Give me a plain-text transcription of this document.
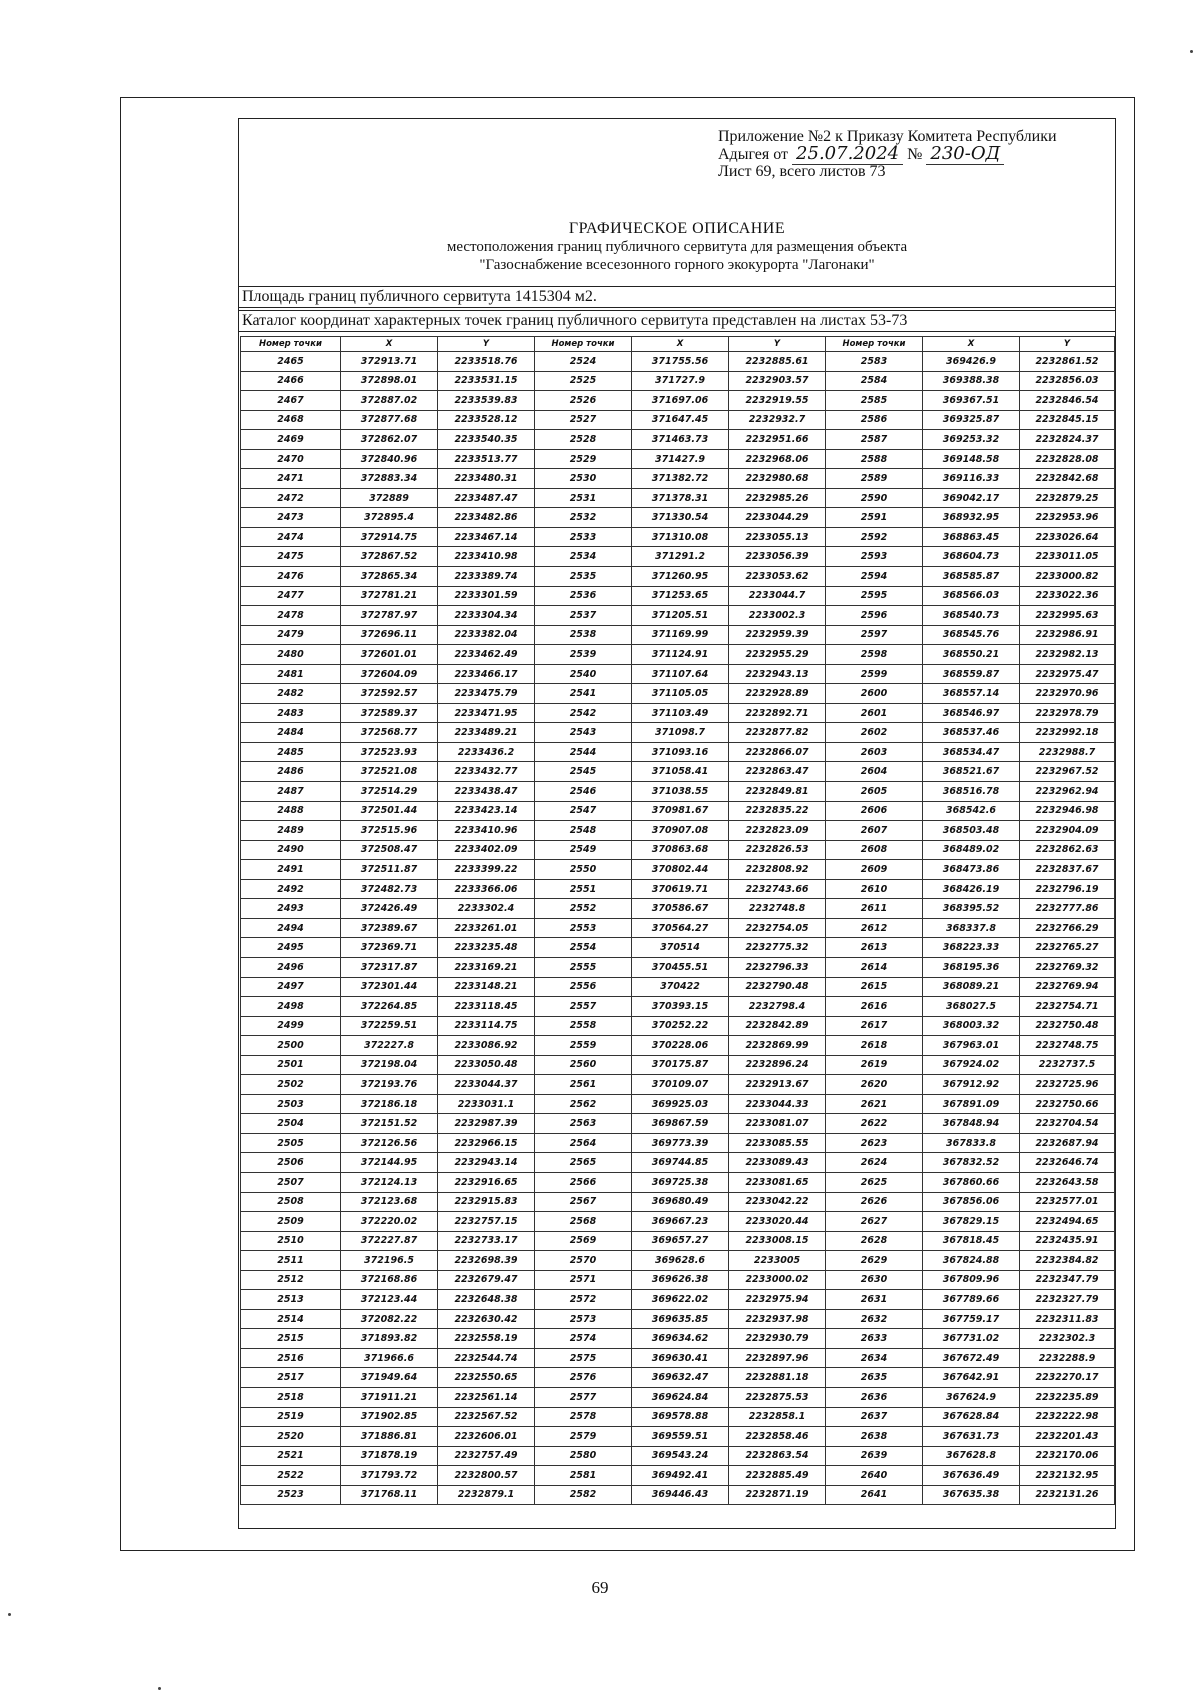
Приложение №2 к Приказу Комитета Республики
Адыгея от 25.07.2024 № 230-ОД
Лист 69, всего листов 73
ГРАФИЧЕСКОЕ ОПИСАНИЕ
местоположения границ публичного сервитута для размещения объекта
"Газоснабжение всесезонного горного экокурорта "Лагонаки"
Площадь границ публичного сервитута 1415304 м2.
Каталог координат характерных точек границ публичного сервитута представлен на листах 53-73
Номер точки	X	Y	Номер точки	X	Y	Номер точки	X	Y
2465	372913.71	2233518.76	2524	371755.56	2232885.61	2583	369426.9	2232861.52
2466	372898.01	2233531.15	2525	371727.9	2232903.57	2584	369388.38	2232856.03
2467	372887.02	2233539.83	2526	371697.06	2232919.55	2585	369367.51	2232846.54
2468	372877.68	2233528.12	2527	371647.45	2232932.7	2586	369325.87	2232845.15
2469	372862.07	2233540.35	2528	371463.73	2232951.66	2587	369253.32	2232824.37
2470	372840.96	2233513.77	2529	371427.9	2232968.06	2588	369148.58	2232828.08
2471	372883.34	2233480.31	2530	371382.72	2232980.68	2589	369116.33	2232842.68
2472	372889	2233487.47	2531	371378.31	2232985.26	2590	369042.17	2232879.25
2473	372895.4	2233482.86	2532	371330.54	2233044.29	2591	368932.95	2232953.96
2474	372914.75	2233467.14	2533	371310.08	2233055.13	2592	368863.45	2233026.64
2475	372867.52	2233410.98	2534	371291.2	2233056.39	2593	368604.73	2233011.05
2476	372865.34	2233389.74	2535	371260.95	2233053.62	2594	368585.87	2233000.82
2477	372781.21	2233301.59	2536	371253.65	2233044.7	2595	368566.03	2233022.36
2478	372787.97	2233304.34	2537	371205.51	2233002.3	2596	368540.73	2232995.63
2479	372696.11	2233382.04	2538	371169.99	2232959.39	2597	368545.76	2232986.91
2480	372601.01	2233462.49	2539	371124.91	2232955.29	2598	368550.21	2232982.13
2481	372604.09	2233466.17	2540	371107.64	2232943.13	2599	368559.87	2232975.47
2482	372592.57	2233475.79	2541	371105.05	2232928.89	2600	368557.14	2232970.96
2483	372589.37	2233471.95	2542	371103.49	2232892.71	2601	368546.97	2232978.79
2484	372568.77	2233489.21	2543	371098.7	2232877.82	2602	368537.46	2232992.18
2485	372523.93	2233436.2	2544	371093.16	2232866.07	2603	368534.47	2232988.7
2486	372521.08	2233432.77	2545	371058.41	2232863.47	2604	368521.67	2232967.52
2487	372514.29	2233438.47	2546	371038.55	2232849.81	2605	368516.78	2232962.94
2488	372501.44	2233423.14	2547	370981.67	2232835.22	2606	368542.6	2232946.98
2489	372515.96	2233410.96	2548	370907.08	2232823.09	2607	368503.48	2232904.09
2490	372508.47	2233402.09	2549	370863.68	2232826.53	2608	368489.02	2232862.63
2491	372511.87	2233399.22	2550	370802.44	2232808.92	2609	368473.86	2232837.67
2492	372482.73	2233366.06	2551	370619.71	2232743.66	2610	368426.19	2232796.19
2493	372426.49	2233302.4	2552	370586.67	2232748.8	2611	368395.52	2232777.86
2494	372389.67	2233261.01	2553	370564.27	2232754.05	2612	368337.8	2232766.29
2495	372369.71	2233235.48	2554	370514	2232775.32	2613	368223.33	2232765.27
2496	372317.87	2233169.21	2555	370455.51	2232796.33	2614	368195.36	2232769.32
2497	372301.44	2233148.21	2556	370422	2232790.48	2615	368089.21	2232769.94
2498	372264.85	2233118.45	2557	370393.15	2232798.4	2616	368027.5	2232754.71
2499	372259.51	2233114.75	2558	370252.22	2232842.89	2617	368003.32	2232750.48
2500	372227.8	2233086.92	2559	370228.06	2232869.99	2618	367963.01	2232748.75
2501	372198.04	2233050.48	2560	370175.87	2232896.24	2619	367924.02	2232737.5
2502	372193.76	2233044.37	2561	370109.07	2232913.67	2620	367912.92	2232725.96
2503	372186.18	2233031.1	2562	369925.03	2233044.33	2621	367891.09	2232750.66
2504	372151.52	2232987.39	2563	369867.59	2233081.07	2622	367848.94	2232704.54
2505	372126.56	2232966.15	2564	369773.39	2233085.55	2623	367833.8	2232687.94
2506	372144.95	2232943.14	2565	369744.85	2233089.43	2624	367832.52	2232646.74
2507	372124.13	2232916.65	2566	369725.38	2233081.65	2625	367860.66	2232643.58
2508	372123.68	2232915.83	2567	369680.49	2233042.22	2626	367856.06	2232577.01
2509	372220.02	2232757.15	2568	369667.23	2233020.44	2627	367829.15	2232494.65
2510	372227.87	2232733.17	2569	369657.27	2233008.15	2628	367818.45	2232435.91
2511	372196.5	2232698.39	2570	369628.6	2233005	2629	367824.88	2232384.82
2512	372168.86	2232679.47	2571	369626.38	2233000.02	2630	367809.96	2232347.79
2513	372123.44	2232648.38	2572	369622.02	2232975.94	2631	367789.66	2232327.79
2514	372082.22	2232630.42	2573	369635.85	2232937.98	2632	367759.17	2232311.83
2515	371893.82	2232558.19	2574	369634.62	2232930.79	2633	367731.02	2232302.3
2516	371966.6	2232544.74	2575	369630.41	2232897.96	2634	367672.49	2232288.9
2517	371949.64	2232550.65	2576	369632.47	2232881.18	2635	367642.91	2232270.17
2518	371911.21	2232561.14	2577	369624.84	2232875.53	2636	367624.9	2232235.89
2519	371902.85	2232567.52	2578	369578.88	2232858.1	2637	367628.84	2232222.98
2520	371886.81	2232606.01	2579	369559.51	2232858.46	2638	367631.73	2232201.43
2521	371878.19	2232757.49	2580	369543.24	2232863.54	2639	367628.8	2232170.06
2522	371793.72	2232800.57	2581	369492.41	2232885.49	2640	367636.49	2232132.95
2523	371768.11	2232879.1	2582	369446.43	2232871.19	2641	367635.38	2232131.26
69
